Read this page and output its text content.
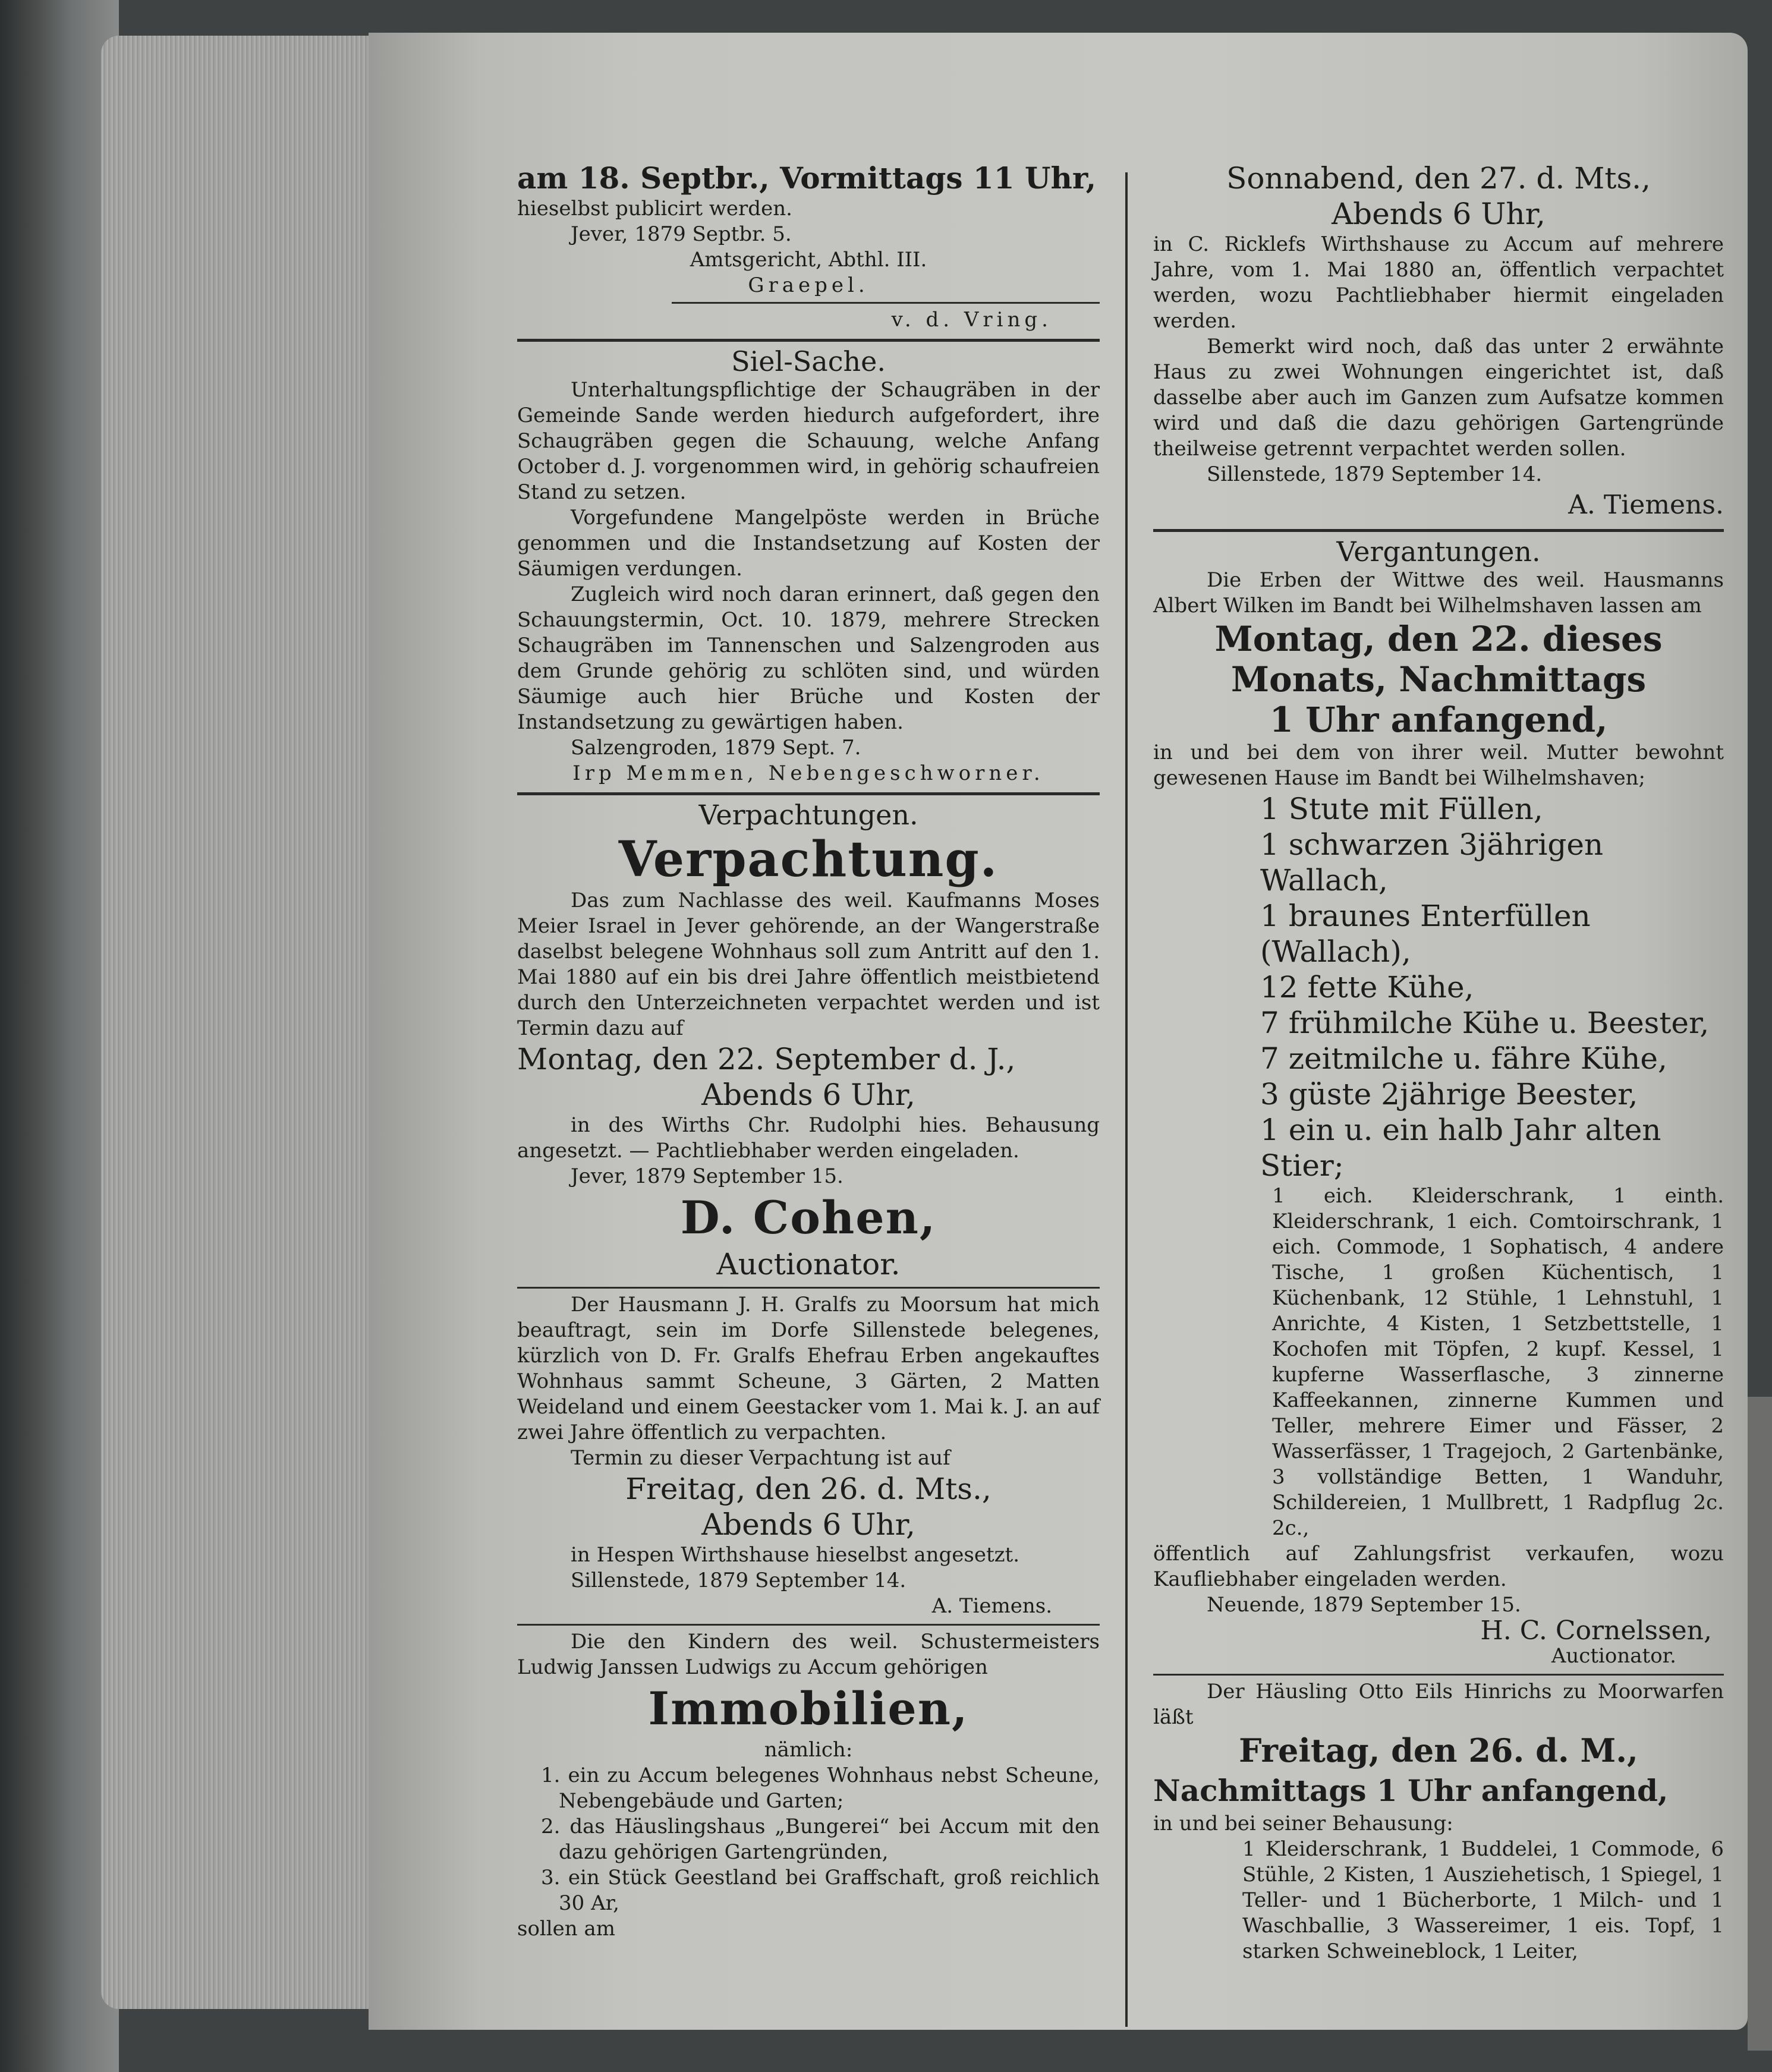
am 18. Septbr., Vormittags 11 Uhr,

hieselbst publicirt werden.

Jever, 1879 Septbr. 5.

Amtsgericht, Abthl. III.

Graepel.

v. d. Vring.

Siel-Sache.

Unterhaltungspflichtige der Schaugräben in der Gemeinde Sande werden hiedurch aufgefordert, ihre Schaugräben gegen die Schauung, welche Anfang October d. J. vorgenommen wird, in gehörig schaufreien Stand zu setzen.

Vorgefundene Mangelpöste werden in Brüche genommen und die Instandsetzung auf Kosten der Säumigen verdungen.

Zugleich wird noch daran erinnert, daß gegen den Schauungstermin, Oct. 10. 1879, mehrere Strecken Schaugräben im Tannenschen und Salzengroden aus dem Grunde gehörig zu schlöten sind, und würden Säumige auch hier Brüche und Kosten der Instandsetzung zu gewärtigen haben.

Salzengroden, 1879 Sept. 7.

Irp Memmen, Nebengeschworner.

Verpachtungen.

Verpachtung.

Das zum Nachlasse des weil. Kaufmanns Moses Meier Israel in Jever gehörende, an der Wangerstraße daselbst belegene Wohnhaus soll zum Antritt auf den 1. Mai 1880 auf ein bis drei Jahre öffentlich meistbietend durch den Unterzeichneten verpachtet werden und ist Termin dazu auf

Montag, den 22. September d. J.,

Abends 6 Uhr,

in des Wirths Chr. Rudolphi hies. Behausung angesetzt. — Pachtliebhaber werden eingeladen.

Jever, 1879 September 15.

D. Cohen,

Auctionator.

Der Hausmann J. H. Gralfs zu Moorsum hat mich beauftragt, sein im Dorfe Sillenstede belegenes, kürzlich von D. Fr. Gralfs Ehefrau Erben angekauftes Wohnhaus sammt Scheune, 3 Gärten, 2 Matten Weideland und einem Geestacker vom 1. Mai k. J. an auf zwei Jahre öffentlich zu verpachten.

Termin zu dieser Verpachtung ist auf

Freitag, den 26. d. Mts.,

Abends 6 Uhr,

in Hespen Wirthshause hieselbst angesetzt.

Sillenstede, 1879 September 14.

A. Tiemens.

Die den Kindern des weil. Schustermeisters Ludwig Janssen Ludwigs zu Accum gehörigen

Immobilien,

nämlich:

1. ein zu Accum belegenes Wohnhaus nebst Scheune, Nebengebäude und Garten;

2. das Häuslingshaus „Bungerei“ bei Accum mit den dazu gehörigen Gartengründen,

3. ein Stück Geestland bei Graffschaft, groß reichlich 30 Ar,

sollen am

Sonnabend, den 27. d. Mts.,

Abends 6 Uhr,

in C. Ricklefs Wirthshause zu Accum auf mehrere Jahre, vom 1. Mai 1880 an, öffentlich verpachtet werden, wozu Pachtliebhaber hiermit eingeladen werden.

Bemerkt wird noch, daß das unter 2 erwähnte Haus zu zwei Wohnungen eingerichtet ist, daß dasselbe aber auch im Ganzen zum Aufsatze kommen wird und daß die dazu gehörigen Gartengründe theilweise getrennt verpachtet werden sollen.

Sillenstede, 1879 September 14.

A. Tiemens.

Vergantungen.

Die Erben der Wittwe des weil. Hausmanns Albert Wilken im Bandt bei Wilhelmshaven lassen am

Montag, den 22. dieses

Monats, Nachmittags

1 Uhr anfangend,

in und bei dem von ihrer weil. Mutter bewohnt gewesenen Hause im Bandt bei Wilhelmshaven;

1 Stute mit Füllen,

1 schwarzen 3jährigen Wallach,

1 braunes Enterfüllen (Wallach),

12 fette Kühe,

7 frühmilche Kühe u. Beester,

7 zeitmilche u. fähre Kühe,

3 güste 2jährige Beester,

1 ein u. ein halb Jahr alten Stier;

1 eich. Kleiderschrank, 1 einth. Kleiderschrank, 1 eich. Comtoirschrank, 1 eich. Commode, 1 Sophatisch, 4 andere Tische, 1 großen Küchentisch, 1 Küchenbank, 12 Stühle, 1 Lehnstuhl, 1 Anrichte, 4 Kisten, 1 Setzbettstelle, 1 Kochofen mit Töpfen, 2 kupf. Kessel, 1 kupferne Wasserflasche, 3 zinnerne Kaffeekannen, zinnerne Kummen und Teller, mehrere Eimer und Fässer, 2 Wasserfässer, 1 Tragejoch, 2 Gartenbänke, 3 vollständige Betten, 1 Wanduhr, Schildereien, 1 Mullbrett, 1 Radpflug 2c. 2c.,

öffentlich auf Zahlungsfrist verkaufen, wozu Kaufliebhaber eingeladen werden.

Neuende, 1879 September 15.

H. C. Cornelssen,

Auctionator.

Der Häusling Otto Eils Hinrichs zu Moorwarfen läßt

Freitag, den 26. d. M.,

Nachmittags 1 Uhr anfangend,

in und bei seiner Behausung:

1 Kleiderschrank, 1 Buddelei, 1 Commode, 6 Stühle, 2 Kisten, 1 Ausziehetisch, 1 Spiegel, 1 Teller- und 1 Bücherborte, 1 Milch- und 1 Waschballie, 3 Wassereimer, 1 eis. Topf, 1 starken Schweineblock, 1 Leiter,
